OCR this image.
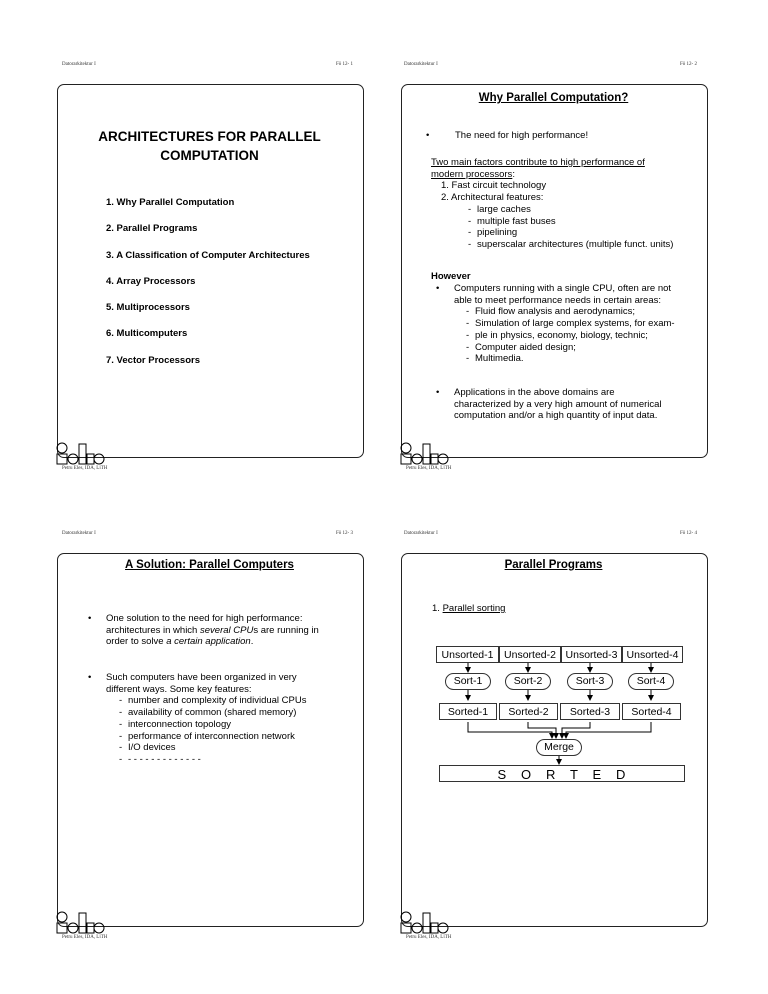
Datorarkitektur I	Fö 12- 1
ARCHITECTURES FOR PARALLEL
COMPUTATION
1. Why Parallel Computation
2. Parallel Programs
3. A Classification of Computer Architectures
4. Array Processors
5. Multiprocessors
6. Multicomputers
7. Vector Processors
Petru Eles, IDA, LiTH
Datorarkitektur I	Fö 12- 2
Why Parallel Computation?
•	The need for high performance!
Two main factors contribute to high performance of
modern processors:
1. Fast circuit technology
2. Architectural features:
- large caches
- multiple fast buses
- pipelining
- superscalar architectures (multiple funct. units)
However
• Computers running with a single CPU, often are not
able to meet performance needs in certain areas:
- Fluid flow analysis and aerodynamics;
- Simulation of large complex systems, for exam-
- ple in physics, economy, biology, technic;
- Computer aided design;
- Multimedia.
• Applications in the above domains are
characterized by a very high amount of numerical
computation and/or a high quantity of input data.
Petru Eles, IDA, LiTH
Datorarkitektur I	Fö 12- 3
A Solution: Parallel Computers
• One solution to the need for high performance:
architectures in which several CPUs are running in
order to solve a certain application.
• Such computers have been organized in very
different ways. Some key features:
- number and complexity of individual CPUs
- availability of common (shared memory)
- interconnection topology
- performance of interconnection network
- I/O devices
- - - - - - - - - - - - - -
Petru Eles, IDA, LiTH
Datorarkitektur I	Fö 12- 4
Parallel Programs
1. Parallel sorting
Unsorted-1	Unsorted-2 Unsorted-3 Unsorted-4
Sort-1	Sort-2	Sort-3	Sort-4
Sorted-1	Sorted-2	Sorted-3	Sorted-4
Merge
S   O   R   T   E   D
Petru Eles, IDA, LiTH
